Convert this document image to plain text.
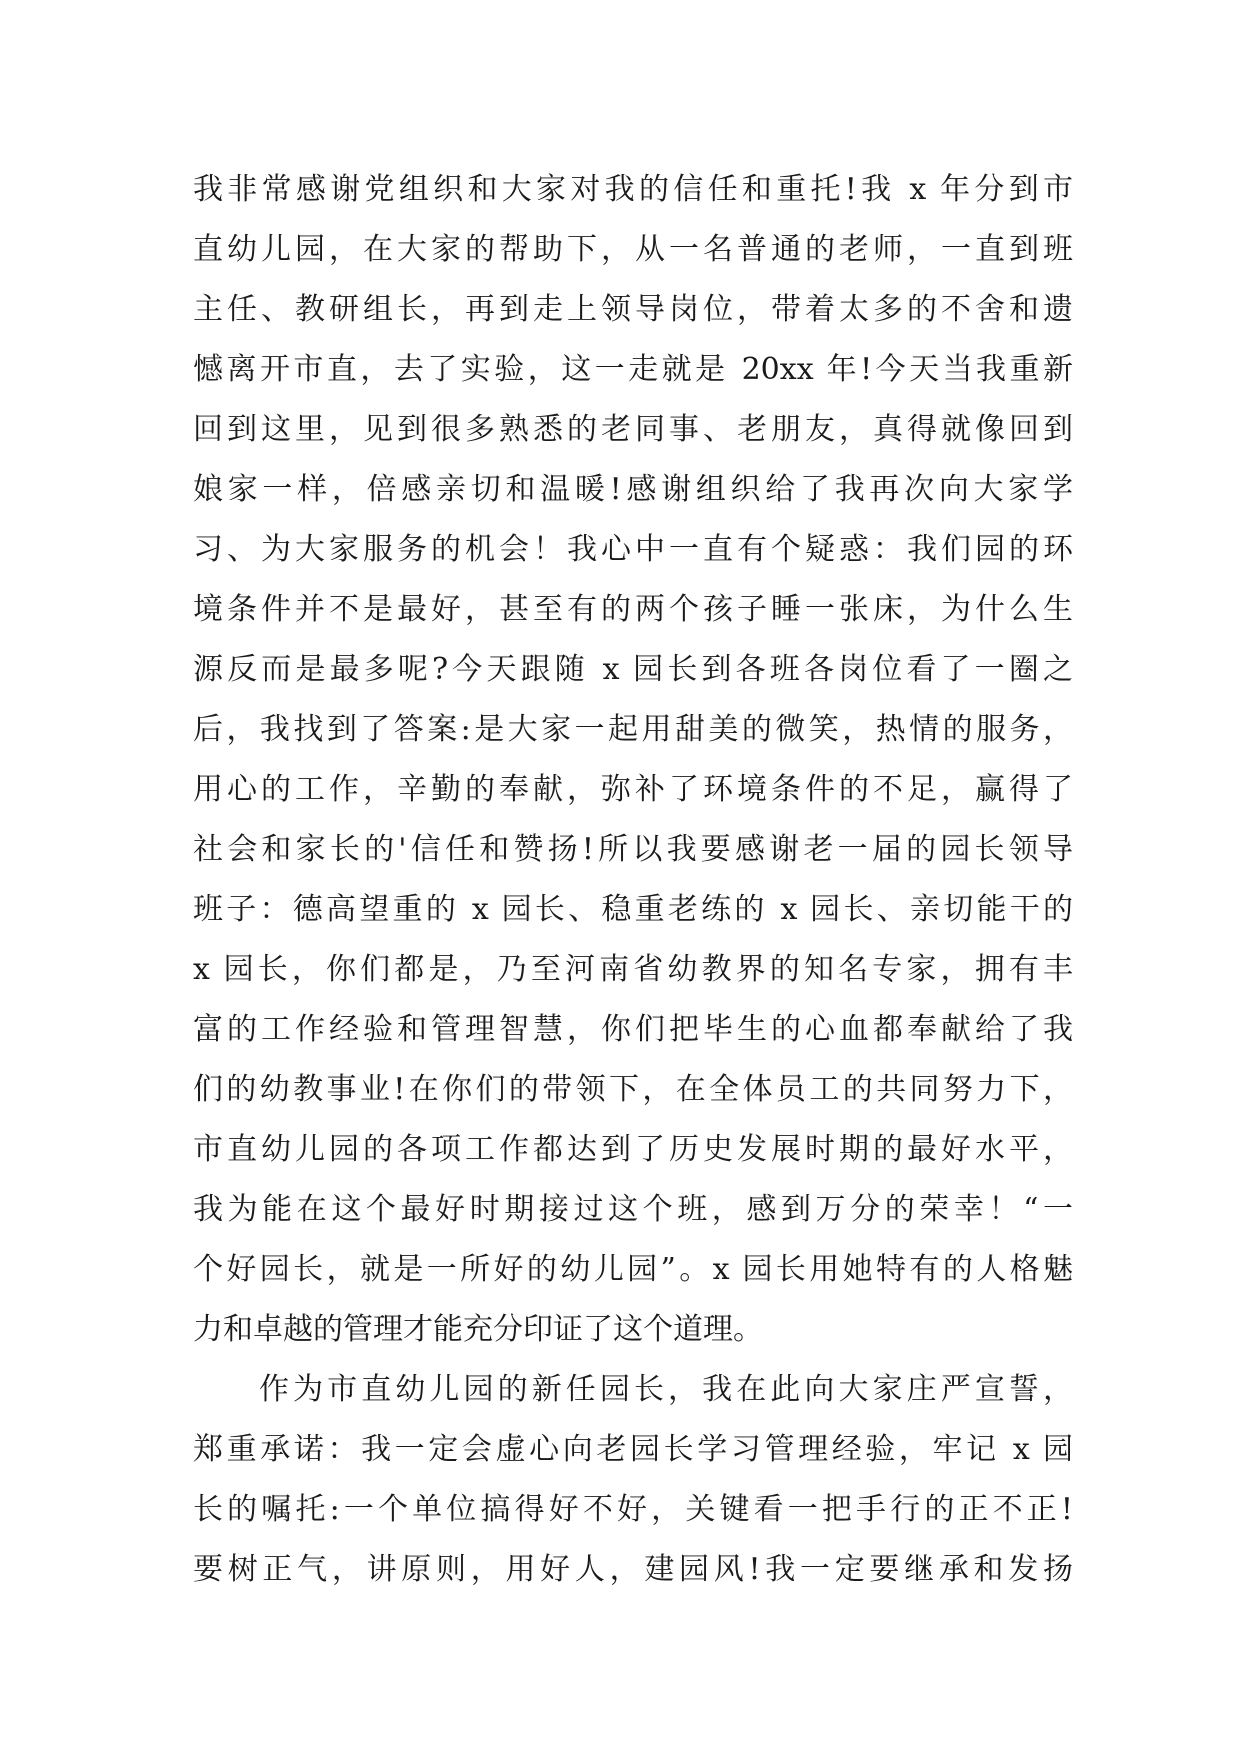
我非常感谢党组织和大家对我的信任和重托!我 x 年分到市
直幼儿园，在大家的帮助下，从一名普通的老师，一直到班
主任、教研组长，再到走上领导岗位，带着太多的不舍和遗
憾离开市直，去了实验，这一走就是 20xx 年!今天当我重新
回到这里，见到很多熟悉的老同事、老朋友，真得就像回到
娘家一样，倍感亲切和温暖!感谢组织给了我再次向大家学
习、为大家服务的机会！我心中一直有个疑惑：我们园的环
境条件并不是最好，甚至有的两个孩子睡一张床，为什么生
源反而是最多呢?今天跟随 x 园长到各班各岗位看了一圈之
后，我找到了答案:是大家一起用甜美的微笑，热情的服务，
用心的工作，辛勤的奉献，弥补了环境条件的不足，赢得了
社会和家长的'信任和赞扬!所以我要感谢老一届的园长领导
班子：德高望重的 x 园长、稳重老练的 x 园长、亲切能干的
x 园长，你们都是，乃至河南省幼教界的知名专家，拥有丰
富的工作经验和管理智慧，你们把毕生的心血都奉献给了我
们的幼教事业!在你们的带领下，在全体员工的共同努力下，
市直幼儿园的各项工作都达到了历史发展时期的最好水平，
我为能在这个最好时期接过这个班，感到万分的荣幸！“一
个好园长，就是一所好的幼儿园”。x 园长用她特有的人格魅
力和卓越的管理才能充分印证了这个道理。
作为市直幼儿园的新任园长，我在此向大家庄严宣誓，
郑重承诺：我一定会虚心向老园长学习管理经验，牢记 x 园
长的嘱托:一个单位搞得好不好，关键看一把手行的正不正!
要树正气，讲原则，用好人，建园风!我一定要继承和发扬
